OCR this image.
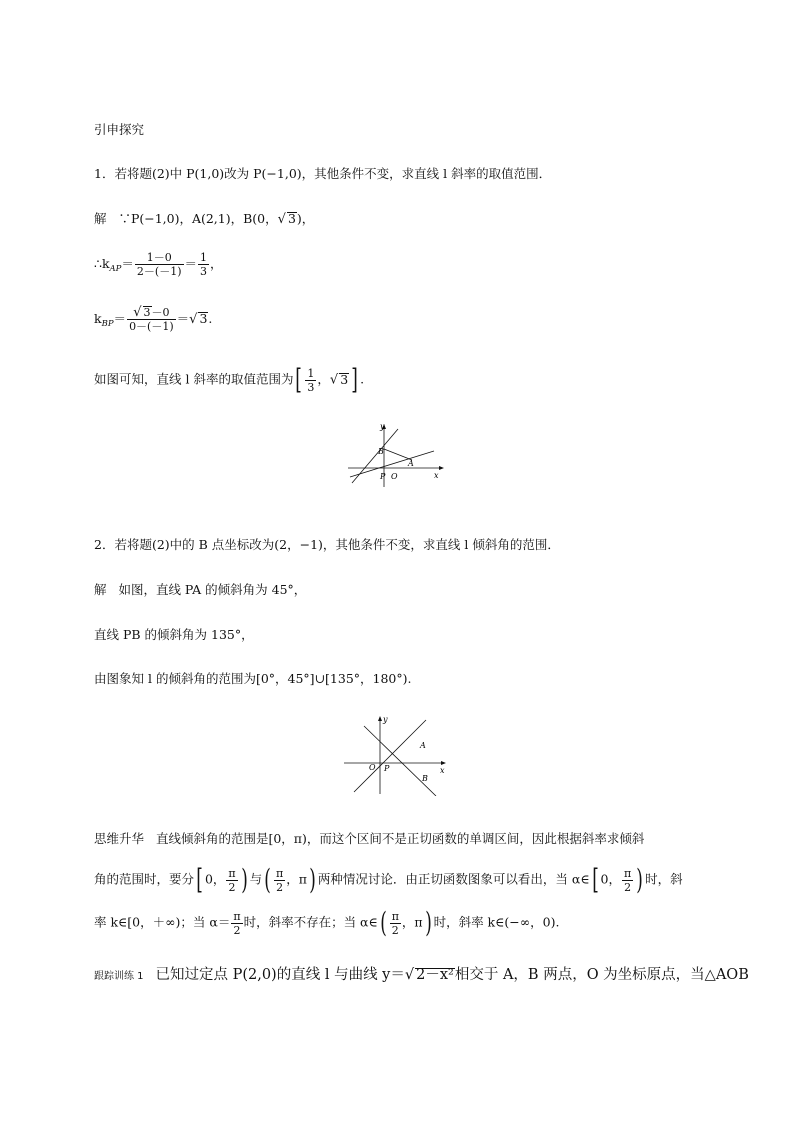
引申探究
1．若将题(2)中 P(1,0)改为 P(−1,0)，其他条件不变，求直线 l 斜率的取值范围．
解 ∵P(−1,0)，A(2,1)，B(0，√ 3)，
$\therefore k_{AP}= \frac{1-0}{2-(-1)} = \frac{1}{3}$ ，
$k_{BP}= \frac{√ 3-0}{0-(-1)}$ ＝√ 3.
如图可知，直线 l 斜率的取值范围为[ $\frac{1}{3}$ ，√ 3 ] .
y
x
B
A
P O
2．若将题(2)中的 B 点坐标改为(2，−1)，其他条件不变，求直线 l 倾斜角的范围．
解 如图，直线 PA 的倾斜角为 45°，
直线 PB 的倾斜角为 135°，
由图象知 l 的倾斜角的范围为[0°，45°]∪[135°，180°).
y
x
A
B
O P
思维升华 直线倾斜角的范围是[0，π)，而这个区间不是正切函数的单调区间，因此根据斜率求倾斜
角的范围时，要分[ 0， $\frac{\pi}{2}$ ) 与( $\frac{\pi}{2}$ ，π) 两种情况讨论．由正切函数图象可以看出，当 α∈[ 0， $\frac{\pi}{2}$ ) 时，斜
率 k∈[0，＋∞)；当 $\alpha= \frac{\pi}{2}$ 时，斜率不存在；当 α∈( $\frac{\pi}{2}$ ，π) 时，斜率 k∈(−∞，0).
跟踪训练 1 已知过定点 P(2,0)的直线 l 与曲线 y＝√ 2－x²相交于 A，B 两点，O 为坐标原点，当△AOB
